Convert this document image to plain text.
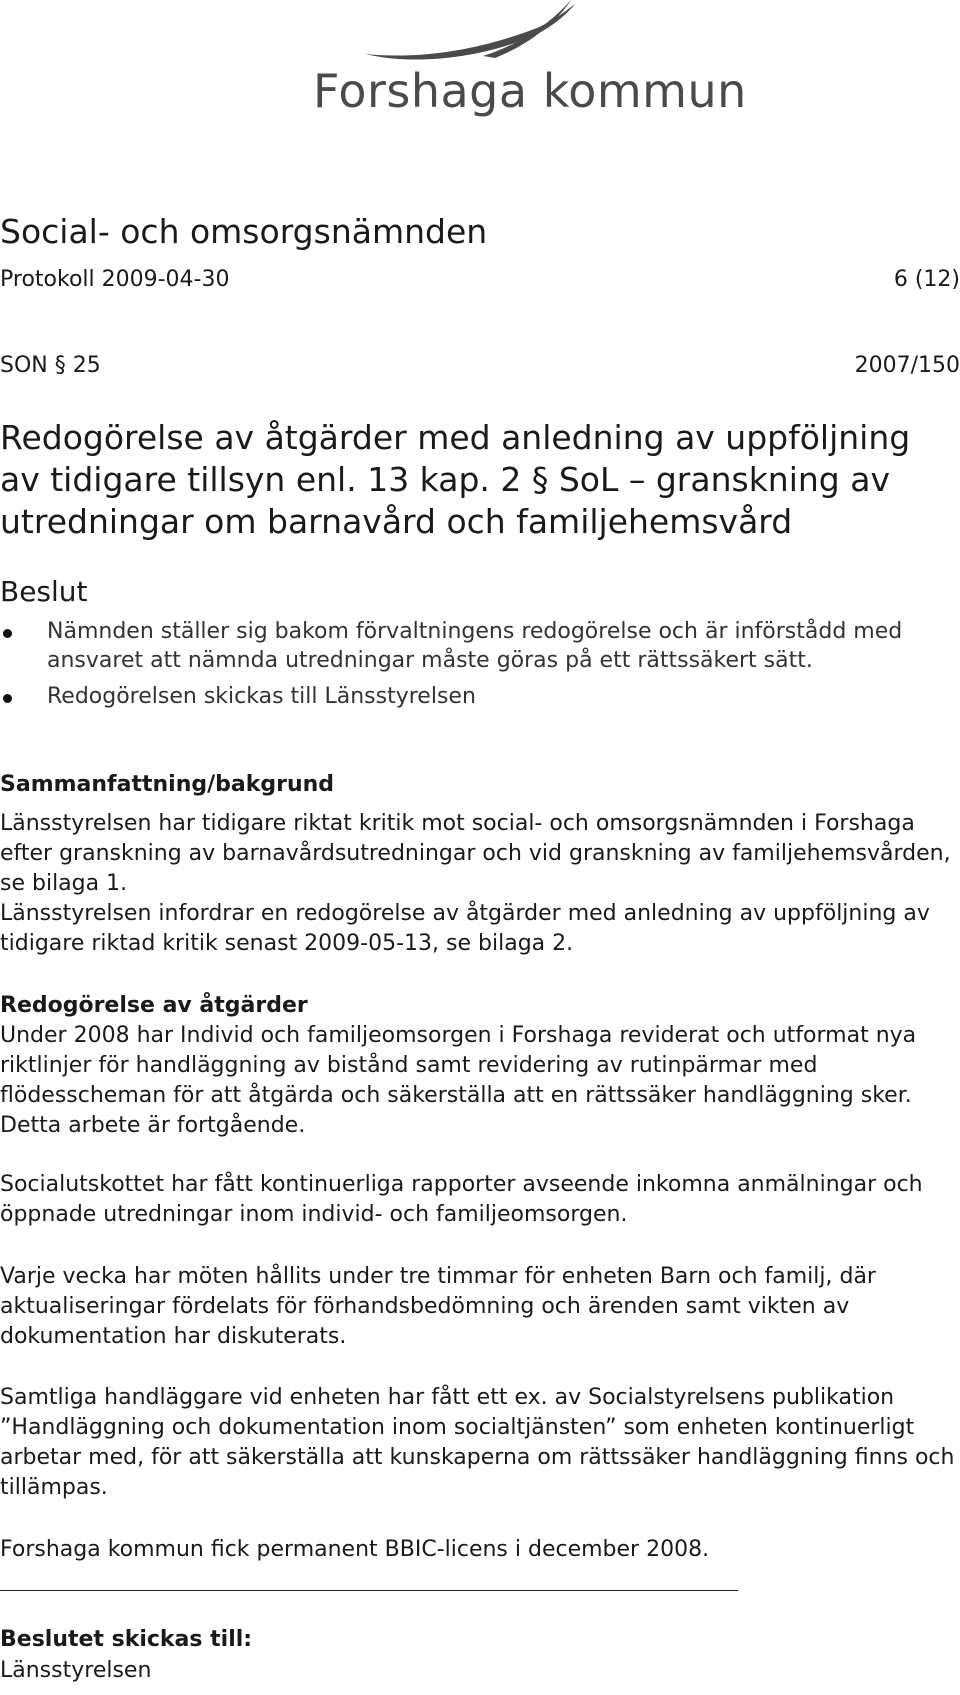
Forshaga kommun
Social- och omsorgsnämnden
Protokoll 2009-04-30	6 (12)
SON § 25	2007/150
Redogörelse av åtgärder med anledning av uppföljning
av tidigare tillsyn enl. 13 kap. 2 § SoL – granskning av
utredningar om barnavård och familjehemsvård
Beslut
Nämnden ställer sig bakom förvaltningens redogörelse och är införstådd med ansvaret att nämnda utredningar måste göras på ett rättssäkert sätt.
Redogörelsen skickas till Länsstyrelsen
Sammanfattning/bakgrund
Länsstyrelsen har tidigare riktat kritik mot social- och omsorgsnämnden i Forshaga efter granskning av barnavårdsutredningar och vid granskning av familjehemsvården, se bilaga 1.
Länsstyrelsen infordrar en redogörelse av åtgärder med anledning av uppföljning av tidigare riktad kritik senast 2009-05-13, se bilaga 2.
Redogörelse av åtgärder
Under 2008 har Individ och familjeomsorgen i Forshaga reviderat och utformat nya riktlinjer för handläggning av bistånd samt revidering av rutinpärmar med flödesscheman för att åtgärda och säkerställa att en rättssäker handläggning sker. Detta arbete är fortgående.
Socialutskottet har fått kontinuerliga rapporter avseende inkomna anmälningar och öppnade utredningar inom individ- och familjeomsorgen.
Varje vecka har möten hållits under tre timmar för enheten Barn och familj, där aktualiseringar fördelats för förhandsbedömning och ärenden samt vikten av dokumentation har diskuterats.
Samtliga handläggare vid enheten har fått ett ex. av Socialstyrelsens publikation ”Handläggning och dokumentation inom socialtjänsten” som enheten kontinuerligt arbetar med, för att säkerställa att kunskaperna om rättssäker handläggning finns och tillämpas.
Forshaga kommun fick permanent BBIC-licens i december 2008.
Beslutet skickas till:
Länsstyrelsen
